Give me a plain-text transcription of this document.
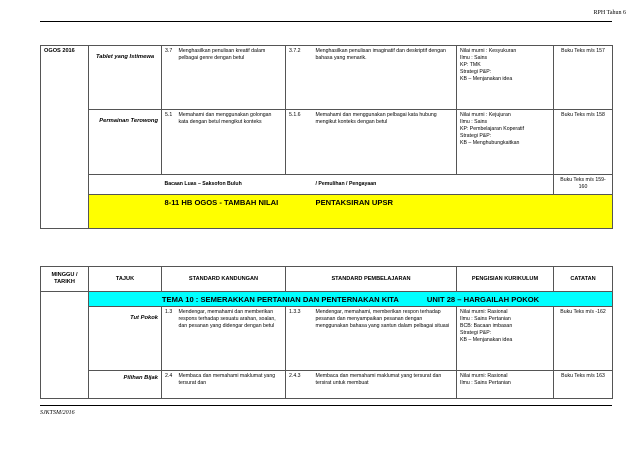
RPH Tahun 6
OGOS 2016	Tablet yang Istimewa	3.7	Menghasilkan penulisan kreatif dalam pelbagai genre dengan betul	3.7.2	Menghasilkan penulisan imaginatif dan deskriptif dengan bahasa yang menarik.	Nilai murni : Kesyukuran
Ilmu : Sains
KP: TMK
Strategi P&P:
KB – Menjanakan idea	Buku Teks m/s 157
	Permainan Terowong	5.1	Memahami dan menggunakan golongan kata dengan betul mengikut konteks	5.1.6	Memahami dan menggunakan pelbagai kata hubung mengikut konteks dengan betul	Nilai murni : Kejujuran
Ilmu : Sains
KP: Pembelajaran Koperatif
Strategi P&P:
KB – Menghubungkaitkan	Buku Teks m/s 158
		Bacaan Luas – Saksofon Buluh			/ Pemulihan / Pengayaan		Buku Teks m/s 159-160
		8-11 HB OGOS - TAMBAH NILAI			PENTAKSIRAN UPSR		
MINGGU / TARIKH	TAJUK	STANDARD KANDUNGAN		STANDARD PEMBELAJARAN		PENGISIAN KURIKULUM	CATATAN
	TEMA 10 : SEMERAKKAN PERTANIAN DAN PENTERNAKAN KITA UNIT 28 – HARGAILAH POKOK						
	Tut Pokok	1.3	Mendengar, memahami dan memberikan respons terhadap sesuatu arahan, soalan, dan pesanan yang didengar dengan betul	1.3.3	Mendengar, memahami, memberikan respon terhadap pesanan dan menyampaikan pesanan dengan menggunakan bahasa yang santun dalam pelbagai situasi	Nilai murni: Rasional
Ilmu : Sains Pertanian
BCB: Bacaan imbasan
Strategi P&P:
KB – Menjanakan idea	Buku Teks m/s -162
	Pilihan Bijak	2.4	Membaca dan memahami maklumat yang tersurat dan	2.4.3	Membaca dan memahami maklumat yang tersurat dan tersirat untuk membuat	Nilai murni: Rasional
Ilmu : Sains Pertanian	Buku Teks m/s 163
SJKTSM/2016
